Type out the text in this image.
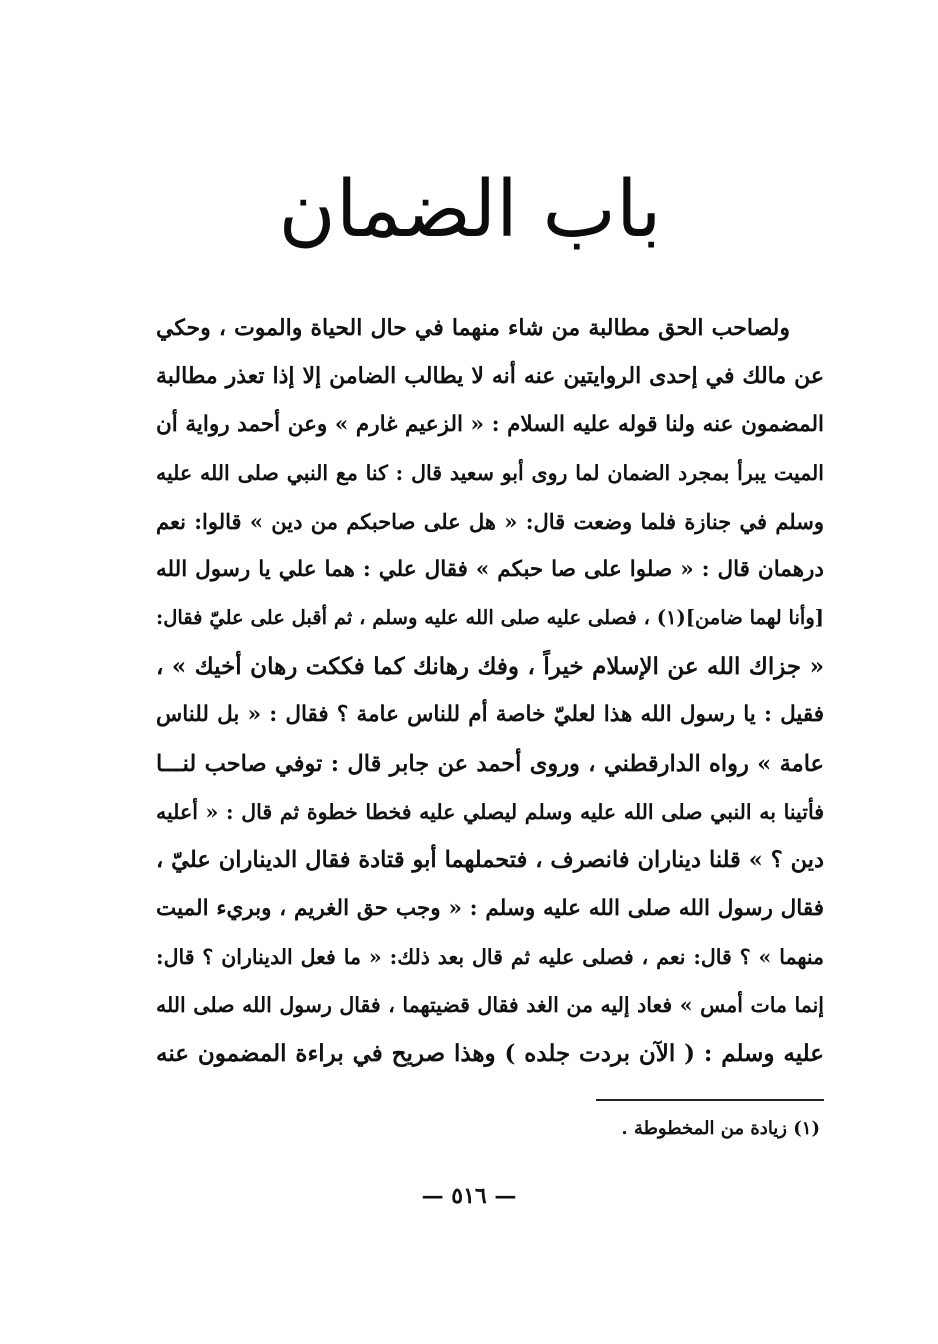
باب الضمان
ولصاحب الحق مطالبة من شاء منهما في حال الحياة والموت ، وحكي
عن مالك في إحدى الروايتين عنه أنه لا يطالب الضامن إلا إذا تعذر مطالبة
المضمون عنه ولنا قوله عليه السلام : « الزعيم غارم » وعن أحمد رواية أن
الميت يبرأ بمجرد الضمان لما روى أبو سعيد قال : كنا مع النبي صلى الله عليه
وسلم في جنازة فلما وضعت قال: « هل على صاحبكم من دين » قالوا: نعم
درهمان قال : « صلوا على صا حبكم » فقال علي : هما علي يا رسول الله
[وأنا لهما ضامن](١) ، فصلى عليه صلى الله عليه وسلم ، ثم أقبل على عليّ فقال:
« جزاك الله عن الإسلام خيراً ، وفك رهانك كما فككت رهان أخيك » ،
فقيل : يا رسول الله هذا لعليّ خاصة أم للناس عامة ؟ فقال : « بل للناس
عامة » رواه الدارقطني ، وروى أحمد عن جابر قال : توفي صاحب لنـــا
فأتينا به النبي صلى الله عليه وسلم ليصلي عليه فخطا خطوة ثم قال : « أعليه
دين ؟ » قلنا ديناران فانصرف ، فتحملهما أبو قتادة فقال الديناران عليّ ،
فقال رسول الله صلى الله عليه وسلم : « وجب حق الغريم ، وبريء الميت
منهما » ؟ قال: نعم ، فصلى عليه ثم قال بعد ذلك: « ما فعل الديناران ؟ قال:
إنما مات أمس » فعاد إليه من الغد فقال قضيتهما ، فقال رسول الله صلى الله
عليه وسلم : ( الآن بردت جلده ) وهذا صريح في براءة المضمون عنه
(١) زيادة من المخطوطة .
— ٥١٦ —
